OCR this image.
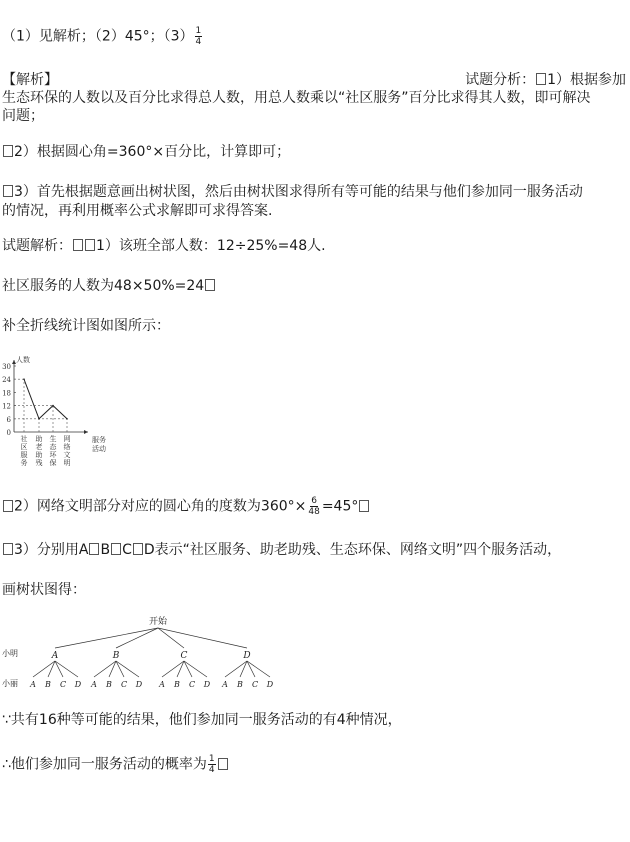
（1）见解析；（2）45°；$(3) \frac{1}{4}$
【解析】	试题分析： 1）根据参加
生态环保的人数以及百分比求得总人数，用总人数乘以“社区服务”百分比求得其人数，即可解决
问题；
2）根据圆心角=360°×百分比，计算即可；
3）首先根据题意画出树状图，然后由树状图求得所有等可能的结果与他们参加同一服务活动
的情况，再利用概率公式求解即可求得答案.
试题解析： 1）该班全部人数：12÷25%=48人.
社区服务的人数为48×50%=24
补全折线统计图如图所示：
30
24
18
12
6
0
人数
社区服务
助老助残
生态环保
网络文明
服务
活动
2）网络文明部分对应的圆心角的度数为$360^\circ\times \frac{6}{48} =45^\circ$
3）分别用A B C D表示“社区服务、助老助残、生态环保、网络文明”四个服务活动，
画树状图得：
开始
小明
小丽
A
A B C D
B
A B C D
C
A B C D
D
A B C D
∵共有16种等可能的结果，他们参加同一服务活动的有4种情况，
∴他们参加同一服务活动的概率为 $\frac{1}{4}$
